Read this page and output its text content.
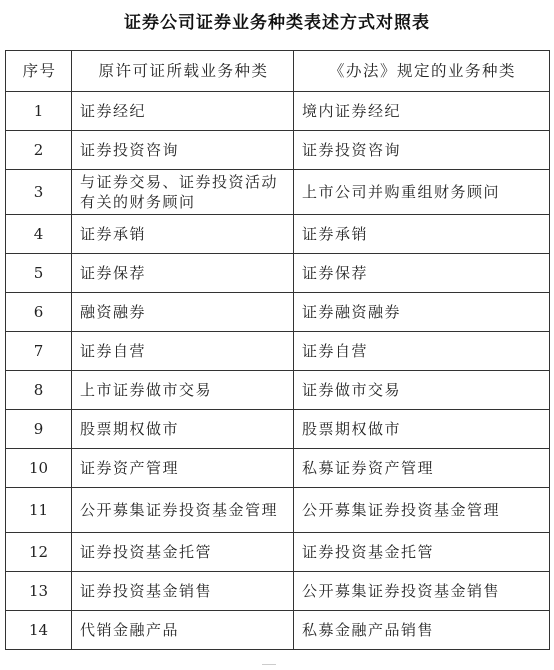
证券公司证券业务种类表述方式对照表
序号	原许可证所载业务种类	《办法》规定的业务种类
1	证券经纪	境内证券经纪
2	证券投资咨询	证券投资咨询
3	与证券交易、证券投资活动有关的财务顾问	上市公司并购重组财务顾问
4	证券承销	证券承销
5	证券保荐	证券保荐
6	融资融券	证券融资融券
7	证券自营	证券自营
8	上市证券做市交易	证券做市交易
9	股票期权做市	股票期权做市
10	证券资产管理	私募证券资产管理
11	公开募集证券投资基金管理	公开募集证券投资基金管理
12	证券投资基金托管	证券投资基金托管
13	证券投资基金销售	公开募集证券投资基金销售
14	代销金融产品	私募金融产品销售
